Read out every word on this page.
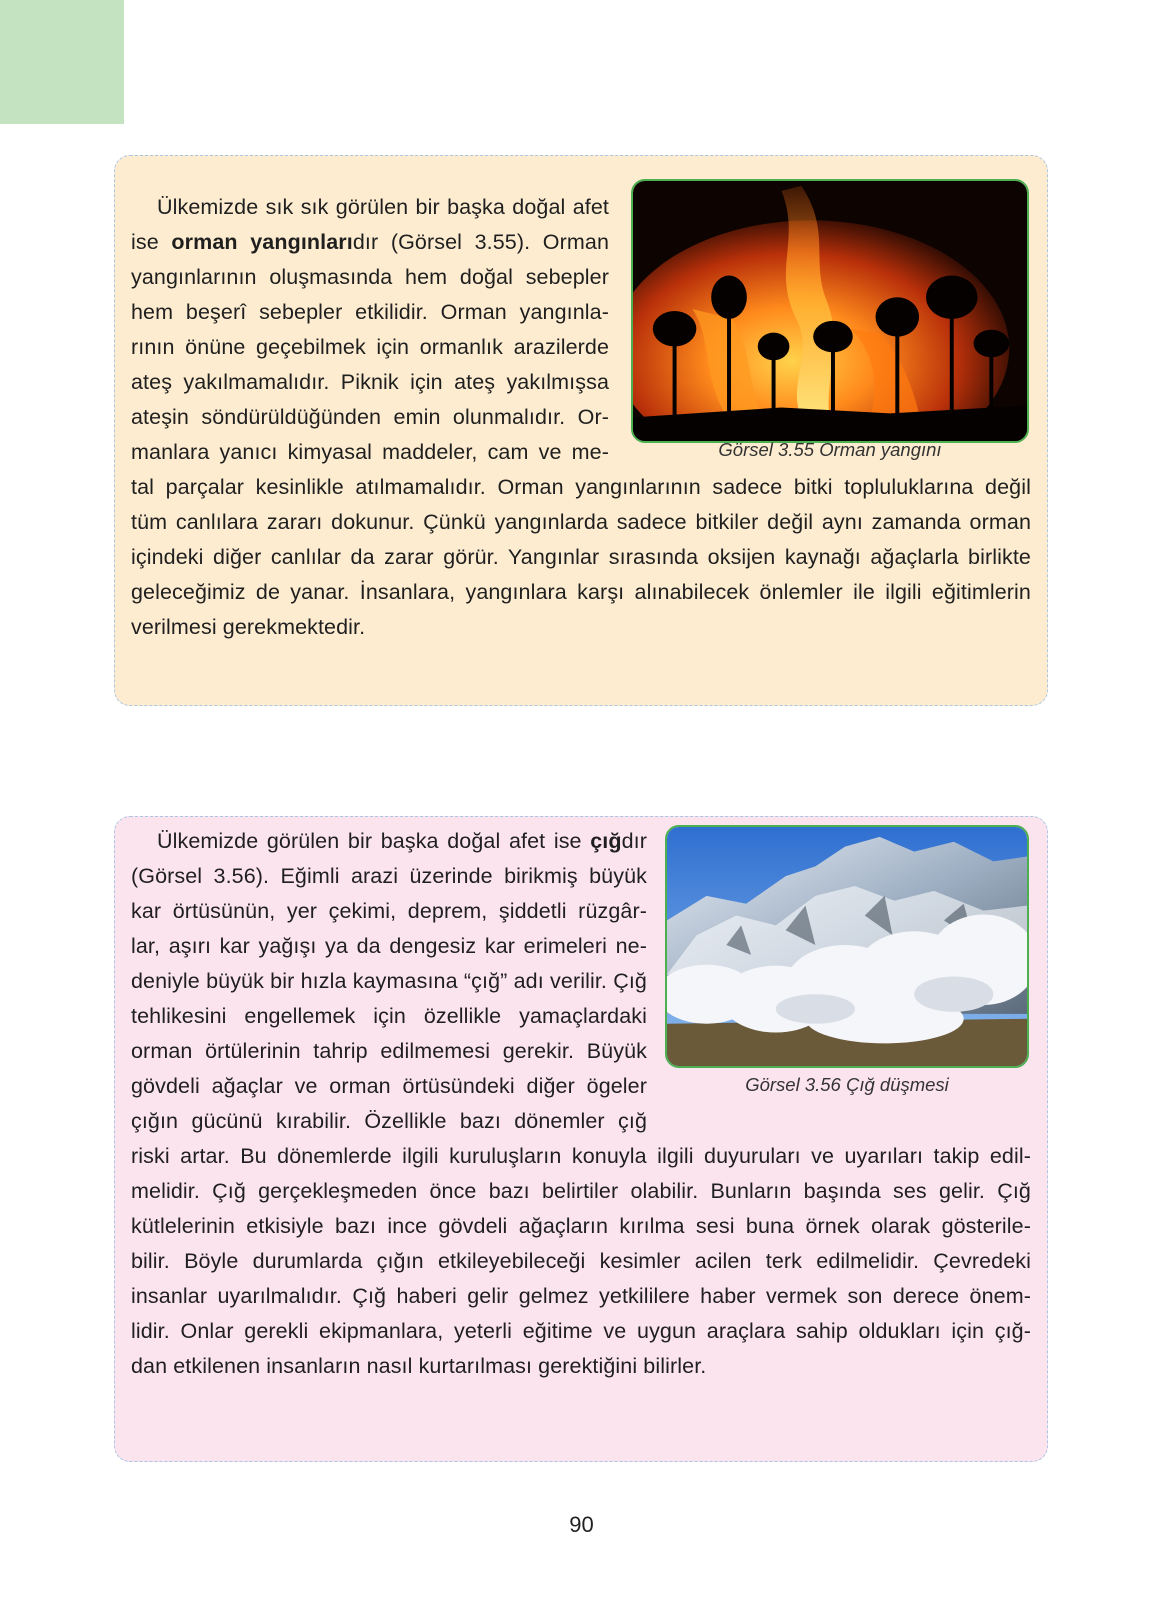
Ülkemizde sık sık görülen bir başka doğal afet
ise orman yangınlarıdır (Görsel 3.55). Orman
yangınlarının oluşmasında hem doğal sebepler
hem beşerî sebepler etkilidir. Orman yangınla-
rının önüne geçebilmek için ormanlık arazilerde
ateş yakılmamalıdır. Piknik için ateş yakılmışsa
ateşin söndürüldüğünden emin olunmalıdır. Or-
manlara yanıcı kimyasal maddeler, cam ve me-
tal parçalar kesinlikle atılmamalıdır. Orman yangınlarının sadece bitki topluluklarına değil
tüm canlılara zararı dokunur. Çünkü yangınlarda sadece bitkiler değil aynı zamanda orman
içindeki diğer canlılar da zarar görür. Yangınlar sırasında oksijen kaynağı ağaçlarla birlikte
geleceğimiz de yanar. İnsanlara, yangınlara karşı alınabilecek önlemler ile ilgili eğitimlerin
verilmesi gerekmektedir.
Görsel 3.55 Orman yangını
Ülkemizde görülen bir başka doğal afet ise çığdır
(Görsel 3.56). Eğimli arazi üzerinde birikmiş büyük
kar örtüsünün, yer çekimi, deprem, şiddetli rüzgâr-
lar, aşırı kar yağışı ya da dengesiz kar erimeleri ne-
deniyle büyük bir hızla kaymasına “çığ” adı verilir. Çığ
tehlikesini engellemek için özellikle yamaçlardaki
orman örtülerinin tahrip edilmemesi gerekir. Büyük
gövdeli ağaçlar ve orman örtüsündeki diğer ögeler
çığın gücünü kırabilir. Özellikle bazı dönemler çığ
riski artar. Bu dönemlerde ilgili kuruluşların konuyla ilgili duyuruları ve uyarıları takip edil-
melidir. Çığ gerçekleşmeden önce bazı belirtiler olabilir. Bunların başında ses gelir. Çığ
kütlelerinin etkisiyle bazı ince gövdeli ağaçların kırılma sesi buna örnek olarak gösterile-
bilir. Böyle durumlarda çığın etkileyebileceği kesimler acilen terk edilmelidir. Çevredeki
insanlar uyarılmalıdır. Çığ haberi gelir gelmez yetkililere haber vermek son derece önem-
lidir. Onlar gerekli ekipmanlara, yeterli eğitime ve uygun araçlara sahip oldukları için çığ-
dan etkilenen insanların nasıl kurtarılması gerektiğini bilirler.
Görsel 3.56 Çığ düşmesi
90
